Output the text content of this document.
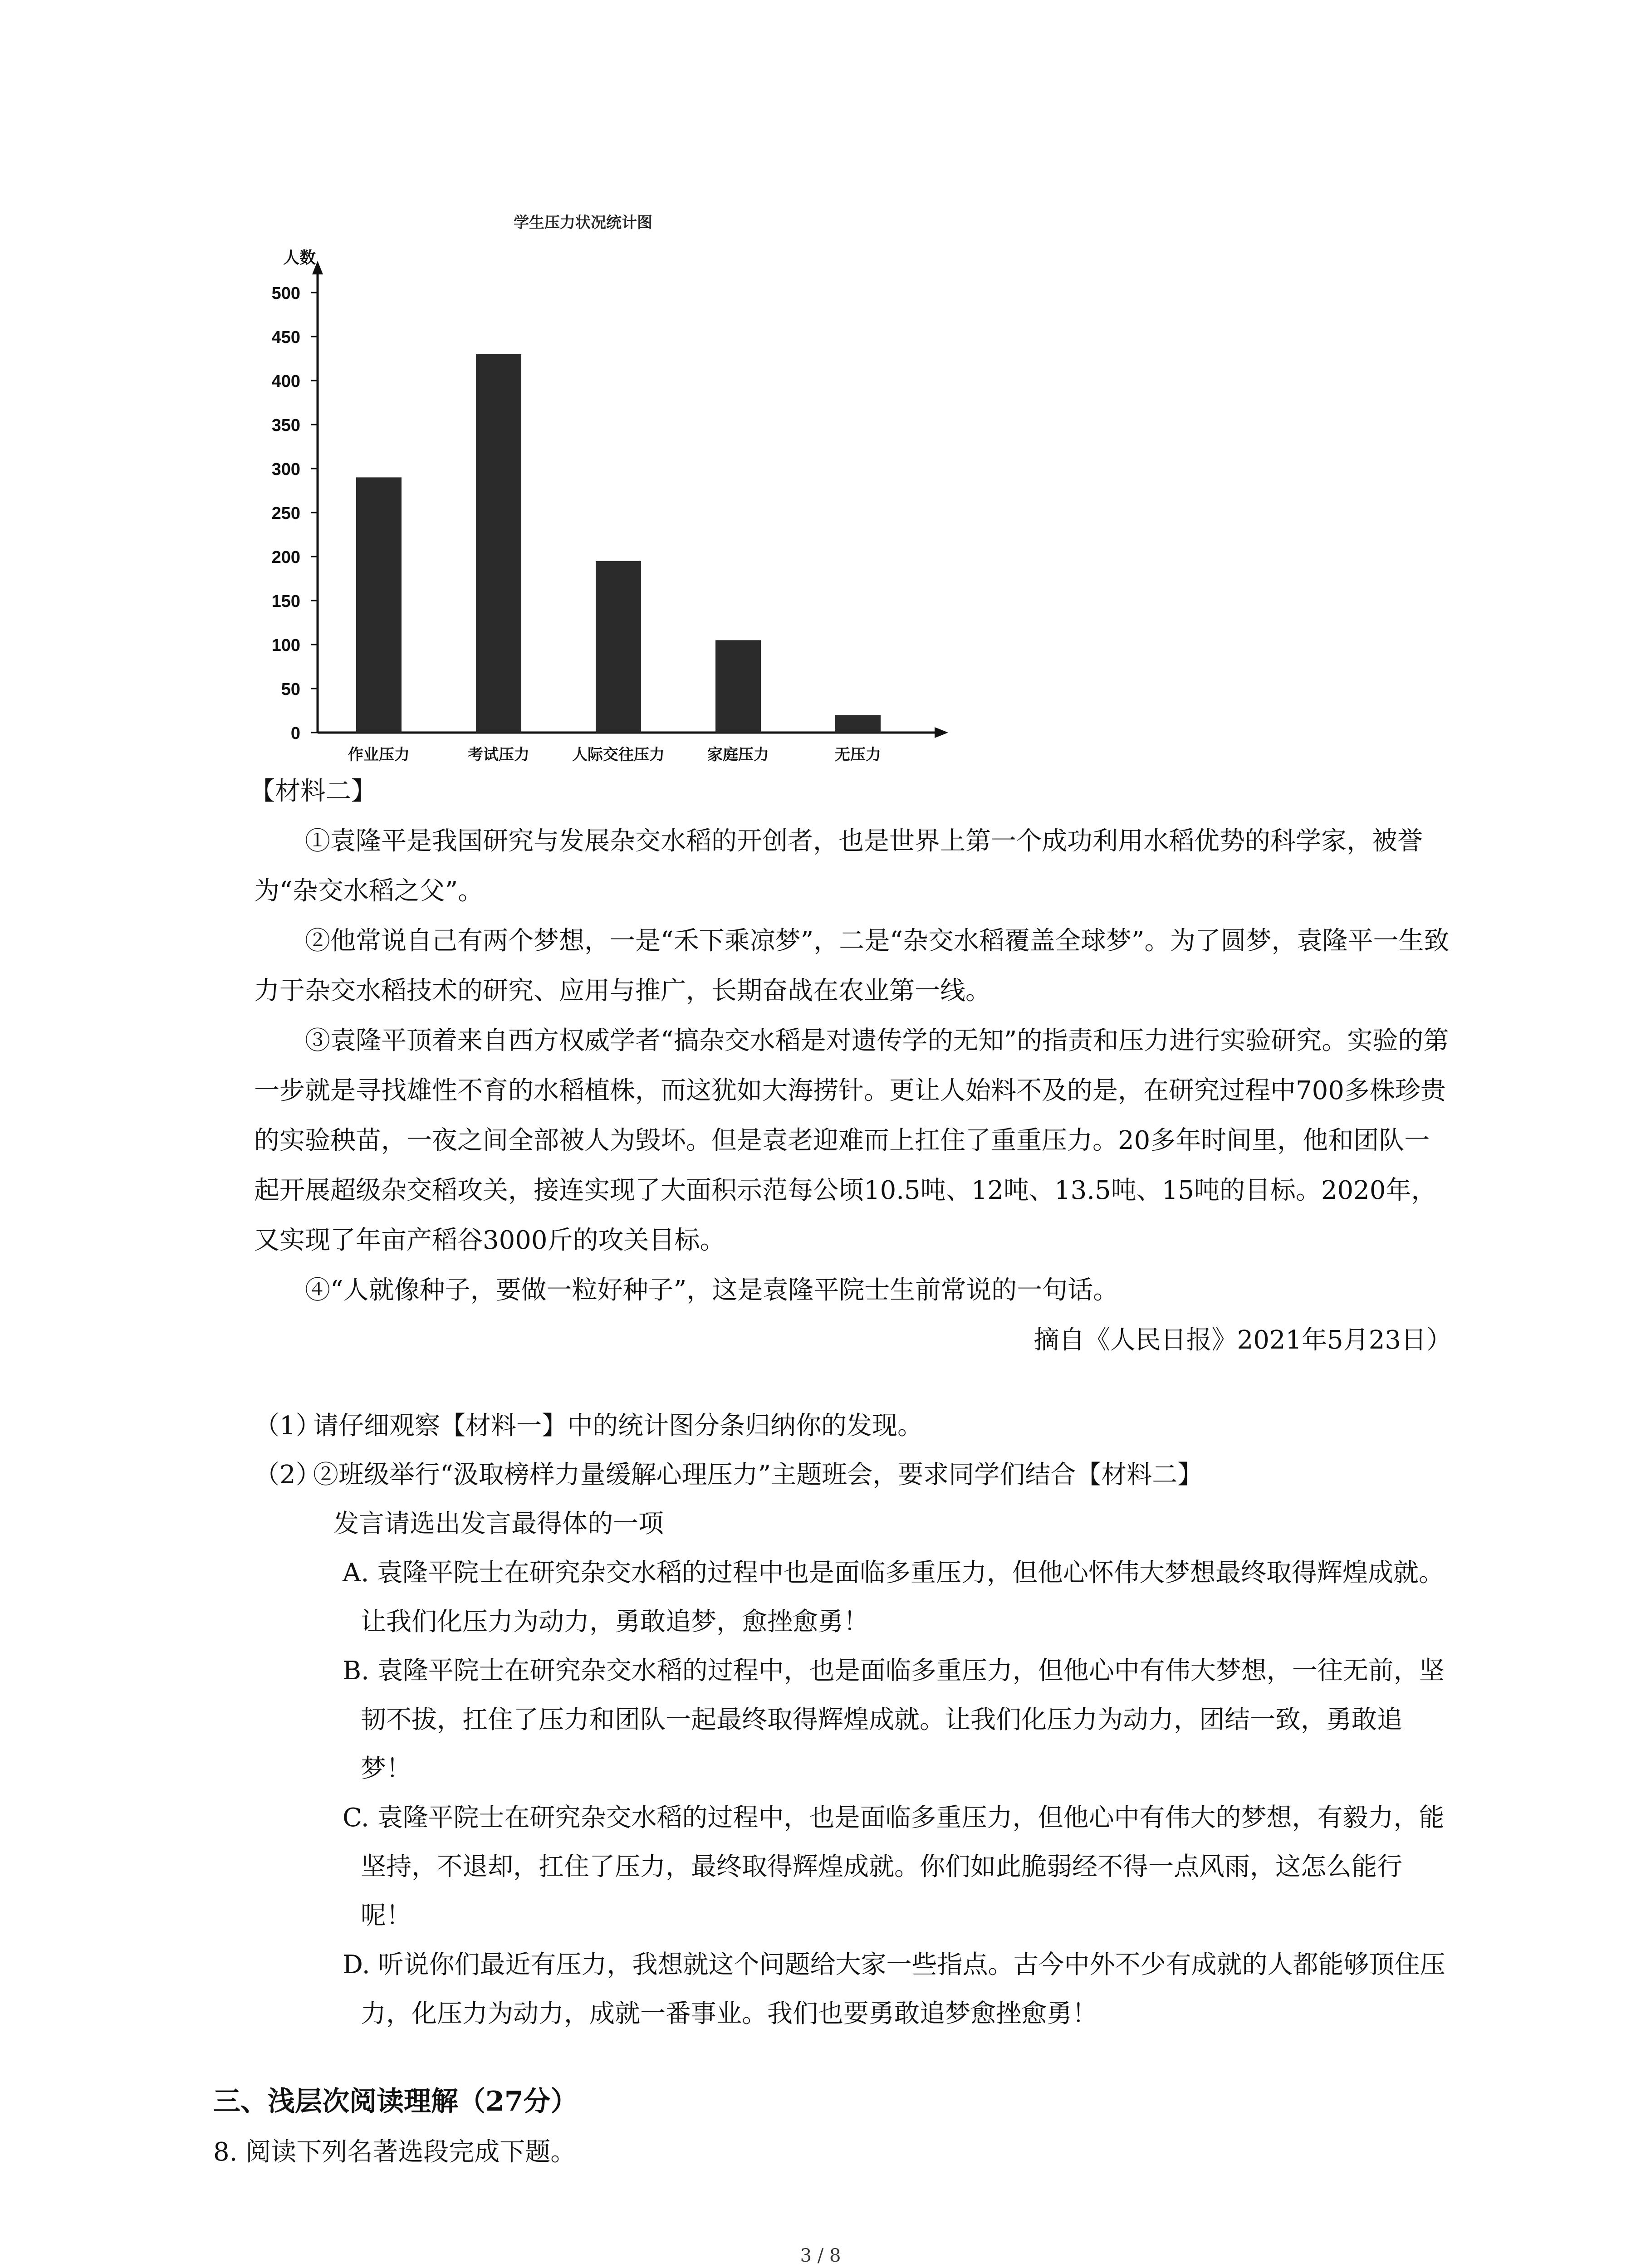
学生压力状况统计图
人数
0
50
100
150
200
250
300
350
400
450
500
作业压力	考试压力	人际交往压力	家庭压力	无压力

【材料二】

①袁隆平是我国研究与发展杂交水稻的开创者，也是世界上第一个成功利用水稻优势的科学家，被誉为“杂交水稻之父”。

②他常说自己有两个梦想，一是“禾下乘凉梦”，二是“杂交水稻覆盖全球梦”。为了圆梦，袁隆平一生致力于杂交水稻技术的研究、应用与推广，长期奋战在农业第一线。

③袁隆平顶着来自西方权威学者“搞杂交水稻是对遗传学的无知”的指责和压力进行实验研究。实验的第一步就是寻找雄性不育的水稻植株，而这犹如大海捞针。更让人始料不及的是，在研究过程中700多株珍贵的实验秧苗，一夜之间全部被人为毁坏。但是袁老迎难而上扛住了重重压力。20多年时间里，他和团队一起开展超级杂交稻攻关，接连实现了大面积示范每公顷10.5吨、12吨、13.5吨、15吨的目标。2020年，又实现了年亩产稻谷3000斤的攻关目标。

④“人就像种子，要做一粒好种子”，这是袁隆平院士生前常说的一句话。

摘自《人民日报》2021年5月23日）

（1）请仔细观察【材料一】中的统计图分条归纳你的发现。

（2）②班级举行“汲取榜样力量缓解心理压力”主题班会，要求同学们结合【材料二】

发言请选出发言最得体的一项

A. 袁隆平院士在研究杂交水稻的过程中也是面临多重压力，但他心怀伟大梦想最终取得辉煌成就。让我们化压力为动力，勇敢追梦，愈挫愈勇！

B. 袁隆平院士在研究杂交水稻的过程中，也是面临多重压力，但他心中有伟大梦想，一往无前，坚韧不拔，扛住了压力和团队一起最终取得辉煌成就。让我们化压力为动力，团结一致，勇敢追梦！

C. 袁隆平院士在研究杂交水稻的过程中，也是面临多重压力，但他心中有伟大的梦想，有毅力，能坚持，不退却，扛住了压力，最终取得辉煌成就。你们如此脆弱经不得一点风雨，这怎么能行呢！

D. 听说你们最近有压力，我想就这个问题给大家一些指点。古今中外不少有成就的人都能够顶住压力，化压力为动力，成就一番事业。我们也要勇敢追梦愈挫愈勇！

三、浅层次阅读理解（27分）
8. 阅读下列名著选段完成下题。
3 / 8
